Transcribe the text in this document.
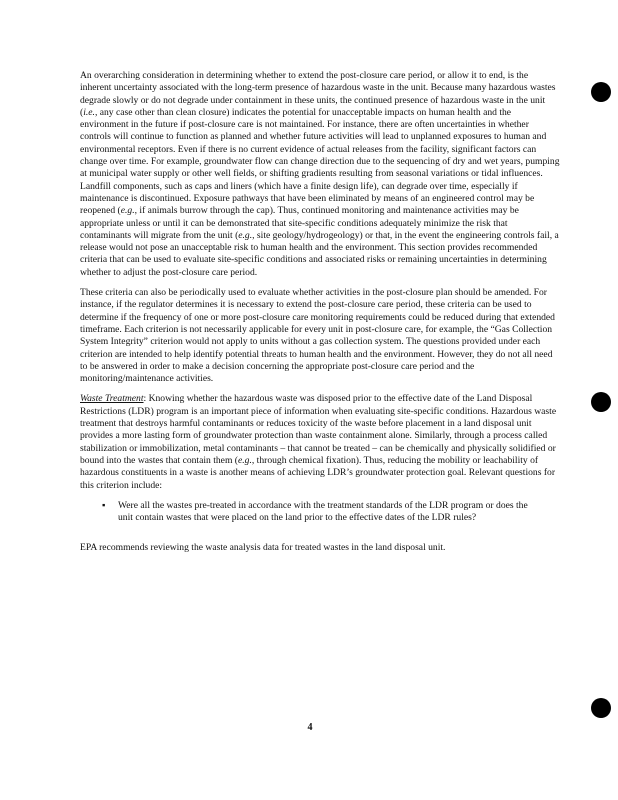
An overarching consideration in determining whether to extend the post-closure care period, or allow it to end, is the inherent uncertainty associated with the long-term presence of hazardous waste in the unit. Because many hazardous wastes degrade slowly or do not degrade under containment in these units, the continued presence of hazardous waste in the unit (i.e., any case other than clean closure) indicates the potential for unacceptable impacts on human health and the environment in the future if post-closure care is not maintained. For instance, there are often uncertainties in whether controls will continue to function as planned and whether future activities will lead to unplanned exposures to human and environmental receptors. Even if there is no current evidence of actual releases from the facility, significant factors can change over time. For example, groundwater flow can change direction due to the sequencing of dry and wet years, pumping at municipal water supply or other well fields, or shifting gradients resulting from seasonal variations or tidal influences. Landfill components, such as caps and liners (which have a finite design life), can degrade over time, especially if maintenance is discontinued. Exposure pathways that have been eliminated by means of an engineered control may be reopened (e.g., if animals burrow through the cap). Thus, continued monitoring and maintenance activities may be appropriate unless or until it can be demonstrated that site-specific conditions adequately minimize the risk that contaminants will migrate from the unit (e.g., site geology/hydrogeology) or that, in the event the engineering controls fail, a release would not pose an unacceptable risk to human health and the environment. This section provides recommended criteria that can be used to evaluate site-specific conditions and associated risks or remaining uncertainties in determining whether to adjust the post-closure care period.

These criteria can also be periodically used to evaluate whether activities in the post-closure plan should be amended. For instance, if the regulator determines it is necessary to extend the post-closure care period, these criteria can be used to determine if the frequency of one or more post-closure care monitoring requirements could be reduced during that extended timeframe. Each criterion is not necessarily applicable for every unit in post-closure care, for example, the “Gas Collection System Integrity” criterion would not apply to units without a gas collection system. The questions provided under each criterion are intended to help identify potential threats to human health and the environment. However, they do not all need to be answered in order to make a decision concerning the appropriate post-closure care period and the monitoring/maintenance activities.

Waste Treatment: Knowing whether the hazardous waste was disposed prior to the effective date of the Land Disposal Restrictions (LDR) program is an important piece of information when evaluating site-specific conditions. Hazardous waste treatment that destroys harmful contaminants or reduces toxicity of the waste before placement in a land disposal unit provides a more lasting form of groundwater protection than waste containment alone. Similarly, through a process called stabilization or immobilization, metal contaminants – that cannot be treated – can be chemically and physically solidified or bound into the wastes that contain them (e.g., through chemical fixation). Thus, reducing the mobility or leachability of hazardous constituents in a waste is another means of achieving LDR’s groundwater protection goal. Relevant questions for this criterion include:

▪ Were all the wastes pre-treated in accordance with the treatment standards of the LDR program or does the unit contain wastes that were placed on the land prior to the effective dates of the LDR rules?

EPA recommends reviewing the waste analysis data for treated wastes in the land disposal unit.

4
